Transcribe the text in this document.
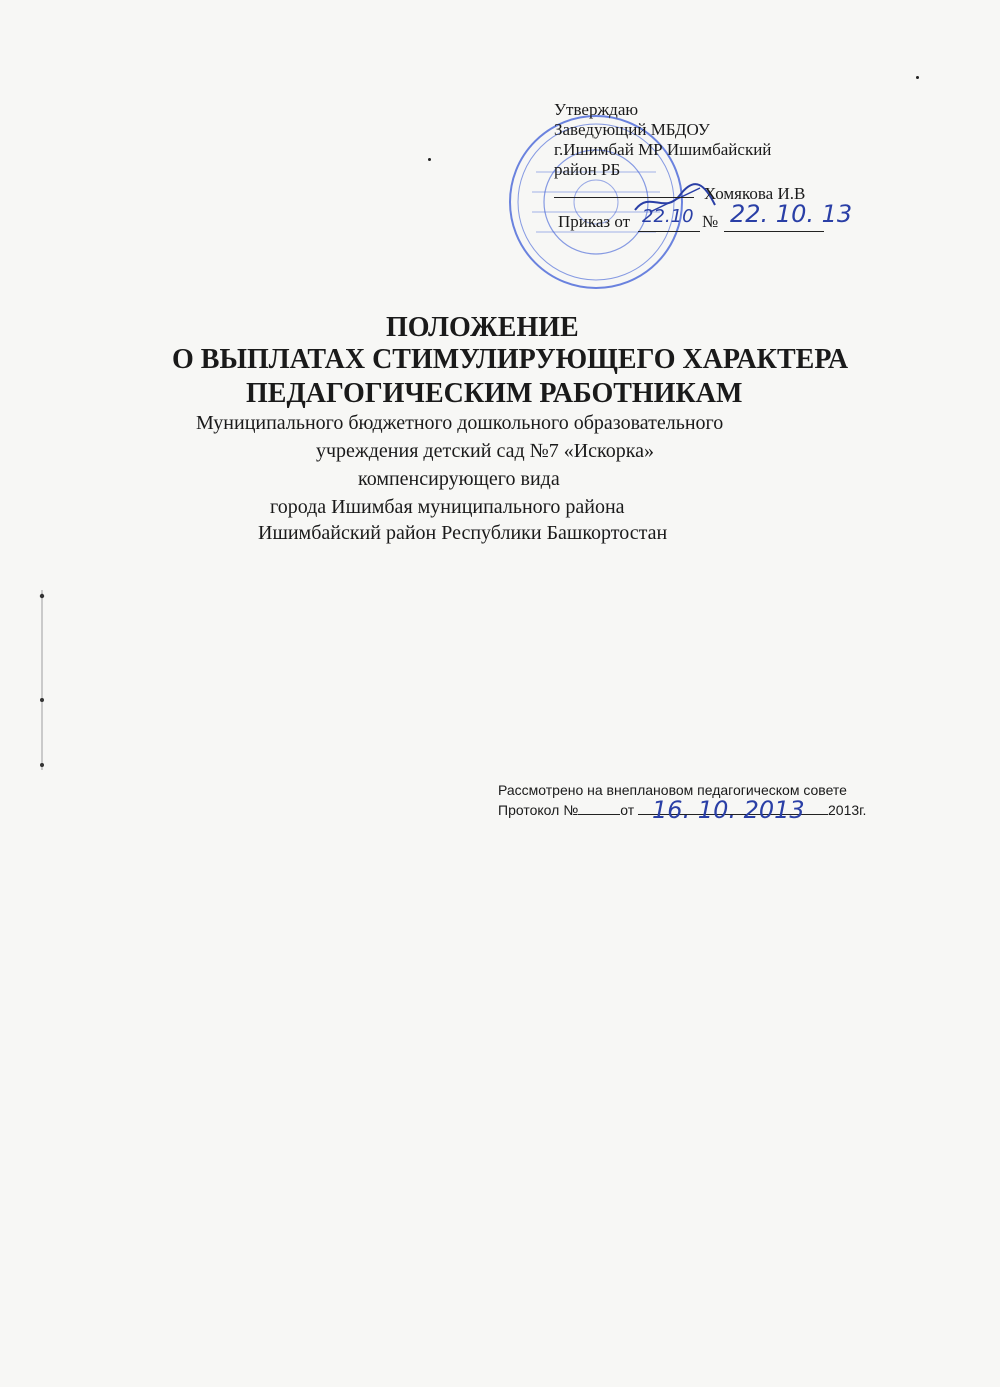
Утверждаю
Заведующий МБДОУ
г.Ишимбай МР Ишимбайский
район РБ
Хомякова И.В
Приказ от	№
22.10 22. 10. 13
ПОЛОЖЕНИЕ
О ВЫПЛАТАХ СТИМУЛИРУЮЩЕГО ХАРАКТЕРА
ПЕДАГОГИЧЕСКИМ РАБОТНИКАМ
Муниципального бюджетного дошкольного образовательного
учреждения детский сад №7 «Искорка»
компенсирующего вида
города Ишимбая муниципального района
Ишимбайский район Республики Башкортостан
Рассмотрено на внеплановом педагогическом совете
Протокол №	от	2013г.
16. 10. 2013
